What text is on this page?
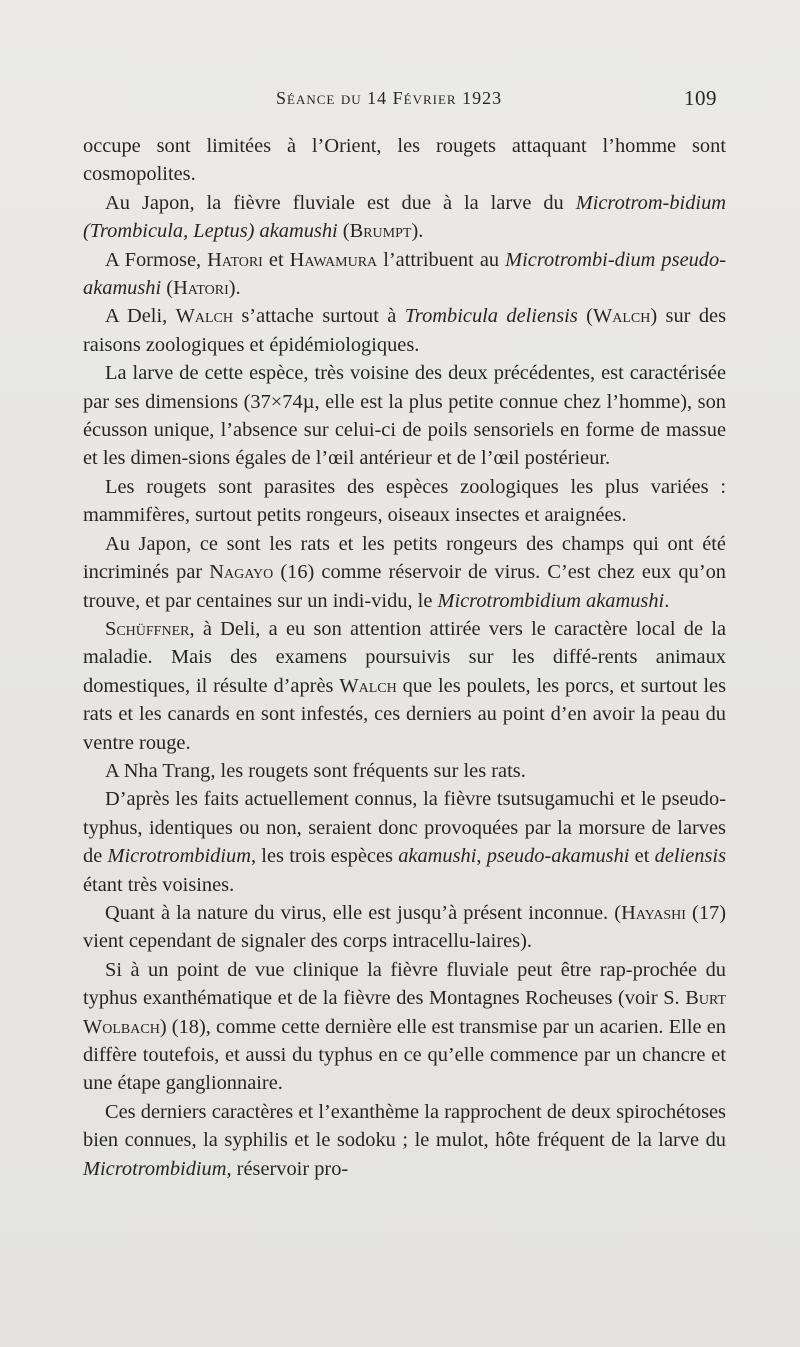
Séance du 14 Février 1923	109

occupe sont limitées à l’Orient, les rougets attaquant l’homme sont cosmopolites.

Au Japon, la fièvre fluviale est due à la larve du Microtrom-bidium (Trombicula, Leptus) akamushi (Brumpt).

A Formose, Hatori et Hawamura l’attribuent au Microtrombi-dium pseudo-akamushi (Hatori).

A Deli, Walch s’attache surtout à Trombicula deliensis (Walch) sur des raisons zoologiques et épidémiologiques.

La larve de cette espèce, très voisine des deux précédentes, est caractérisée par ses dimensions (37×74µ, elle est la plus petite connue chez l’homme), son écusson unique, l’absence sur celui-ci de poils sensoriels en forme de massue et les dimen-sions égales de l’œil antérieur et de l’œil postérieur.

Les rougets sont parasites des espèces zoologiques les plus variées : mammifères, surtout petits rongeurs, oiseaux insectes et araignées.

Au Japon, ce sont les rats et les petits rongeurs des champs qui ont été incriminés par Nagayo (16) comme réservoir de virus. C’est chez eux qu’on trouve, et par centaines sur un indi-vidu, le Microtrombidium akamushi.

Schüffner, à Deli, a eu son attention attirée vers le caractère local de la maladie. Mais des examens poursuivis sur les diffé-rents animaux domestiques, il résulte d’après Walch que les poulets, les porcs, et surtout les rats et les canards en sont infestés, ces derniers au point d’en avoir la peau du ventre rouge.

A Nha Trang, les rougets sont fréquents sur les rats.

D’après les faits actuellement connus, la fièvre tsutsugamuchi et le pseudo-typhus, identiques ou non, seraient donc provoquées par la morsure de larves de Microtrombidium, les trois espèces akamushi, pseudo-akamushi et deliensis étant très voisines.

Quant à la nature du virus, elle est jusqu’à présent inconnue. (Hayashi (17) vient cependant de signaler des corps intracellu-laires).

Si à un point de vue clinique la fièvre fluviale peut être rap-prochée du typhus exanthématique et de la fièvre des Montagnes Rocheuses (voir S. Burt Wolbach) (18), comme cette dernière elle est transmise par un acarien. Elle en diffère toutefois, et aussi du typhus en ce qu’elle commence par un chancre et une étape ganglionnaire.

Ces derniers caractères et l’exanthème la rapprochent de deux spirochétoses bien connues, la syphilis et le sodoku ; le mulot, hôte fréquent de la larve du Microtrombidium, réservoir pro-
